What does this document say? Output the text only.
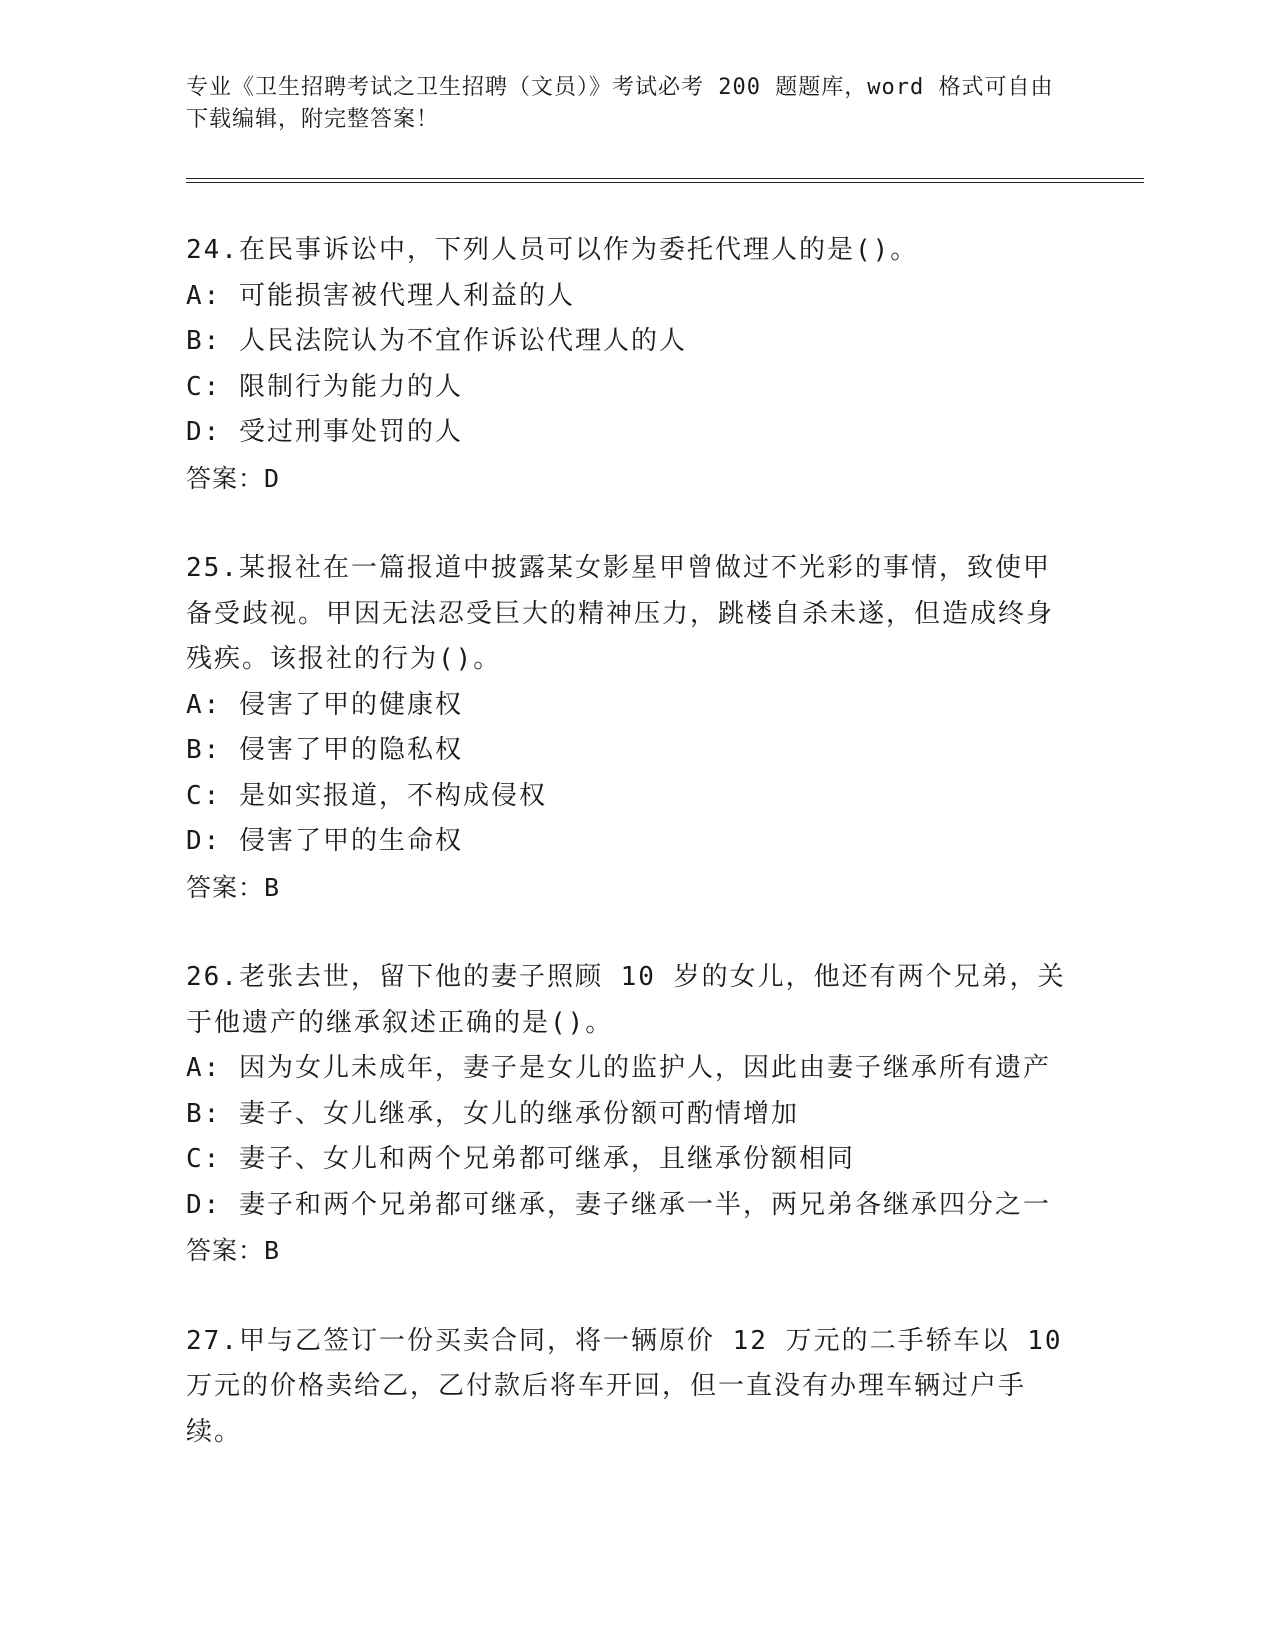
专业《卫生招聘考试之卫生招聘（文员）》考试必考 200 题题库，word 格式可自由下载编辑，附完整答案！

24.在民事诉讼中，下列人员可以作为委托代理人的是()。

A: 可能损害被代理人利益的人

B: 人民法院认为不宜作诉讼代理人的人

C: 限制行为能力的人

D: 受过刑事处罚的人

答案：D

25.某报社在一篇报道中披露某女影星甲曾做过不光彩的事情，致使甲备受歧视。甲因无法忍受巨大的精神压力，跳楼自杀未遂，但造成终身残疾。该报社的行为()。

A: 侵害了甲的健康权

B: 侵害了甲的隐私权

C: 是如实报道，不构成侵权

D: 侵害了甲的生命权

答案：B

26.老张去世，留下他的妻子照顾 10 岁的女儿，他还有两个兄弟，关于他遗产的继承叙述正确的是()。

A: 因为女儿未成年，妻子是女儿的监护人，因此由妻子继承所有遗产

B: 妻子、女儿继承，女儿的继承份额可酌情增加

C: 妻子、女儿和两个兄弟都可继承，且继承份额相同

D: 妻子和两个兄弟都可继承，妻子继承一半，两兄弟各继承四分之一

答案：B

27.甲与乙签订一份买卖合同，将一辆原价 12 万元的二手轿车以 10 万元的价格卖给乙，乙付款后将车开回，但一直没有办理车辆过户手续。
